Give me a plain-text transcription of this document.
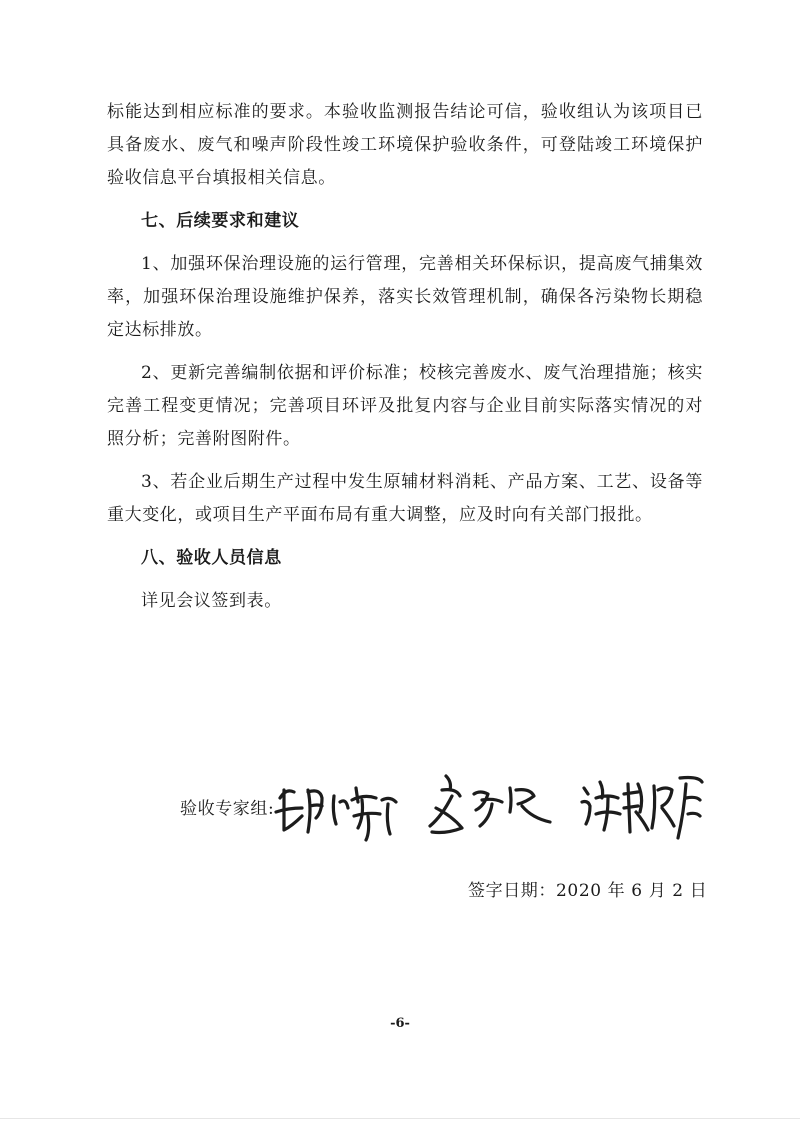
标能达到相应标准的要求。本验收监测报告结论可信，验收组认为该项目已具备废水、废气和噪声阶段性竣工环境保护验收条件，可登陆竣工环境保护验收信息平台填报相关信息。

七、后续要求和建议

1、加强环保治理设施的运行管理，完善相关环保标识，提高废气捕集效率，加强环保治理设施维护保养，落实长效管理机制，确保各污染物长期稳定达标排放。

2、更新完善编制依据和评价标准；校核完善废水、废气治理措施；核实完善工程变更情况；完善项目环评及批复内容与企业目前实际落实情况的对照分析；完善附图附件。

3、若企业后期生产过程中发生原辅材料消耗、产品方案、工艺、设备等重大变化，或项目生产平面布局有重大调整，应及时向有关部门报批。

八、验收人员信息

详见会议签到表。

验收专家组:
签字日期：2020 年 6 月 2 日
-6-
